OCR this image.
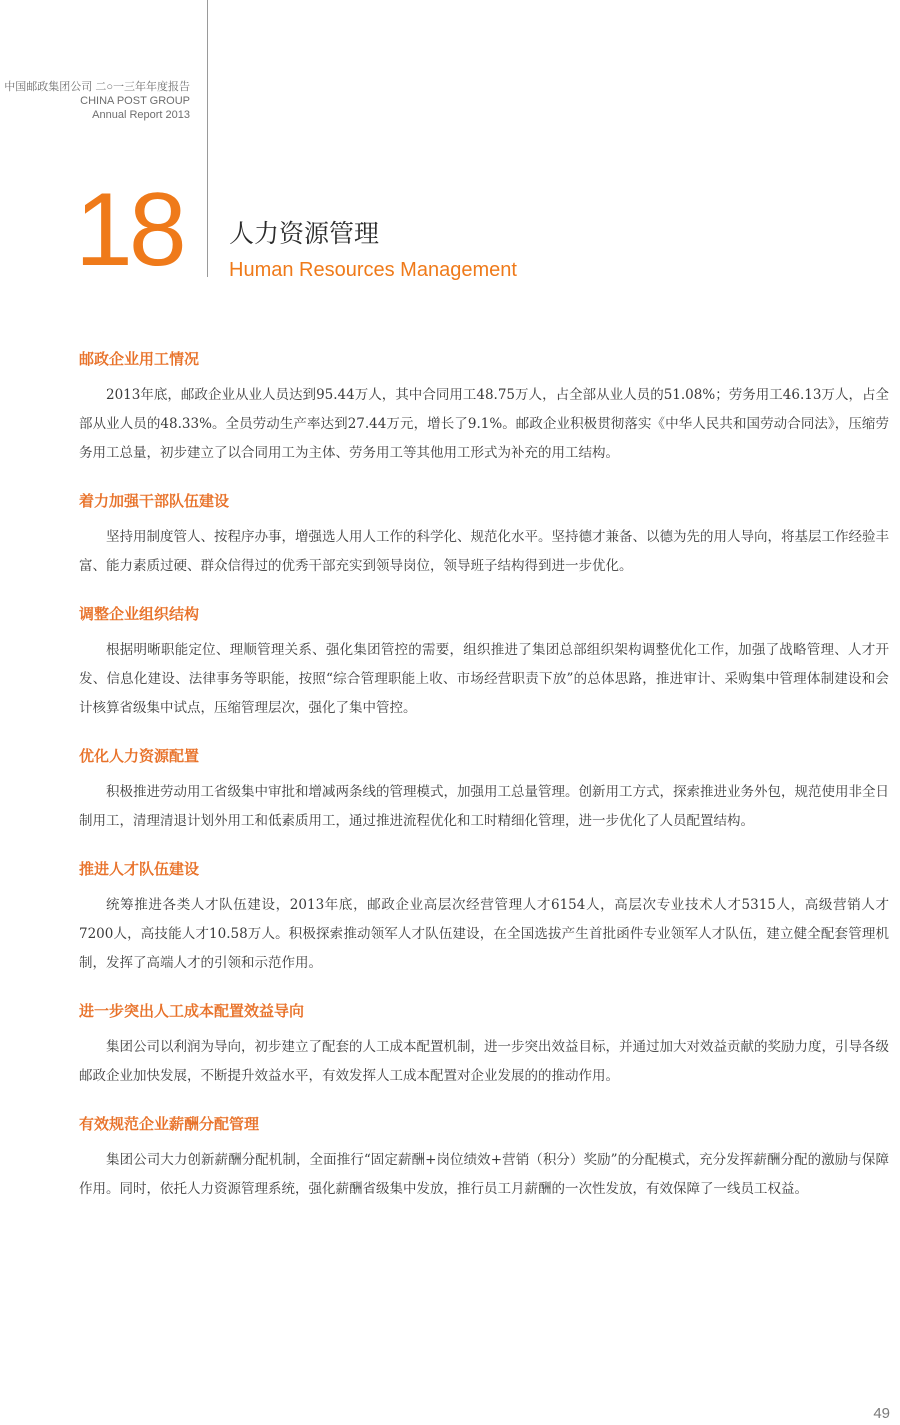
中国邮政集团公司 二○一三年年度报告
CHINA POST GROUP
Annual Report 2013
18 人力资源管理
Human Resources Management
邮政企业用工情况
2013年底，邮政企业从业人员达到95.44万人，其中合同用工48.75万人，占全部从业人员的51.08%；劳务用工46.13万人，占全部从业人员的48.33%。全员劳动生产率达到27.44万元，增长了9.1%。邮政企业积极贯彻落实《中华人民共和国劳动合同法》，压缩劳务用工总量，初步建立了以合同用工为主体、劳务用工等其他用工形式为补充的用工结构。
着力加强干部队伍建设
坚持用制度管人、按程序办事，增强选人用人工作的科学化、规范化水平。坚持德才兼备、以德为先的用人导向，将基层工作经验丰富、能力素质过硬、群众信得过的优秀干部充实到领导岗位，领导班子结构得到进一步优化。
调整企业组织结构
根据明晰职能定位、理顺管理关系、强化集团管控的需要，组织推进了集团总部组织架构调整优化工作，加强了战略管理、人才开发、信息化建设、法律事务等职能，按照“综合管理职能上收、市场经营职责下放”的总体思路，推进审计、采购集中管理体制建设和会计核算省级集中试点，压缩管理层次，强化了集中管控。
优化人力资源配置
积极推进劳动用工省级集中审批和增减两条线的管理模式，加强用工总量管理。创新用工方式，探索推进业务外包，规范使用非全日制用工，清理清退计划外用工和低素质用工，通过推进流程优化和工时精细化管理，进一步优化了人员配置结构。
推进人才队伍建设
统筹推进各类人才队伍建设，2013年底，邮政企业高层次经营管理人才6154人，高层次专业技术人才5315人，高级营销人才7200人，高技能人才10.58万人。积极探索推动领军人才队伍建设，在全国选拔产生首批函件专业领军人才队伍，建立健全配套管理机制，发挥了高端人才的引领和示范作用。
进一步突出人工成本配置效益导向
集团公司以利润为导向，初步建立了配套的人工成本配置机制，进一步突出效益目标，并通过加大对效益贡献的奖励力度，引导各级邮政企业加快发展，不断提升效益水平，有效发挥人工成本配置对企业发展的的推动作用。
有效规范企业薪酬分配管理
集团公司大力创新薪酬分配机制，全面推行“固定薪酬+岗位绩效+营销（积分）奖励”的分配模式，充分发挥薪酬分配的激励与保障作用。同时，依托人力资源管理系统，强化薪酬省级集中发放，推行员工月薪酬的一次性发放，有效保障了一线员工权益。
49
